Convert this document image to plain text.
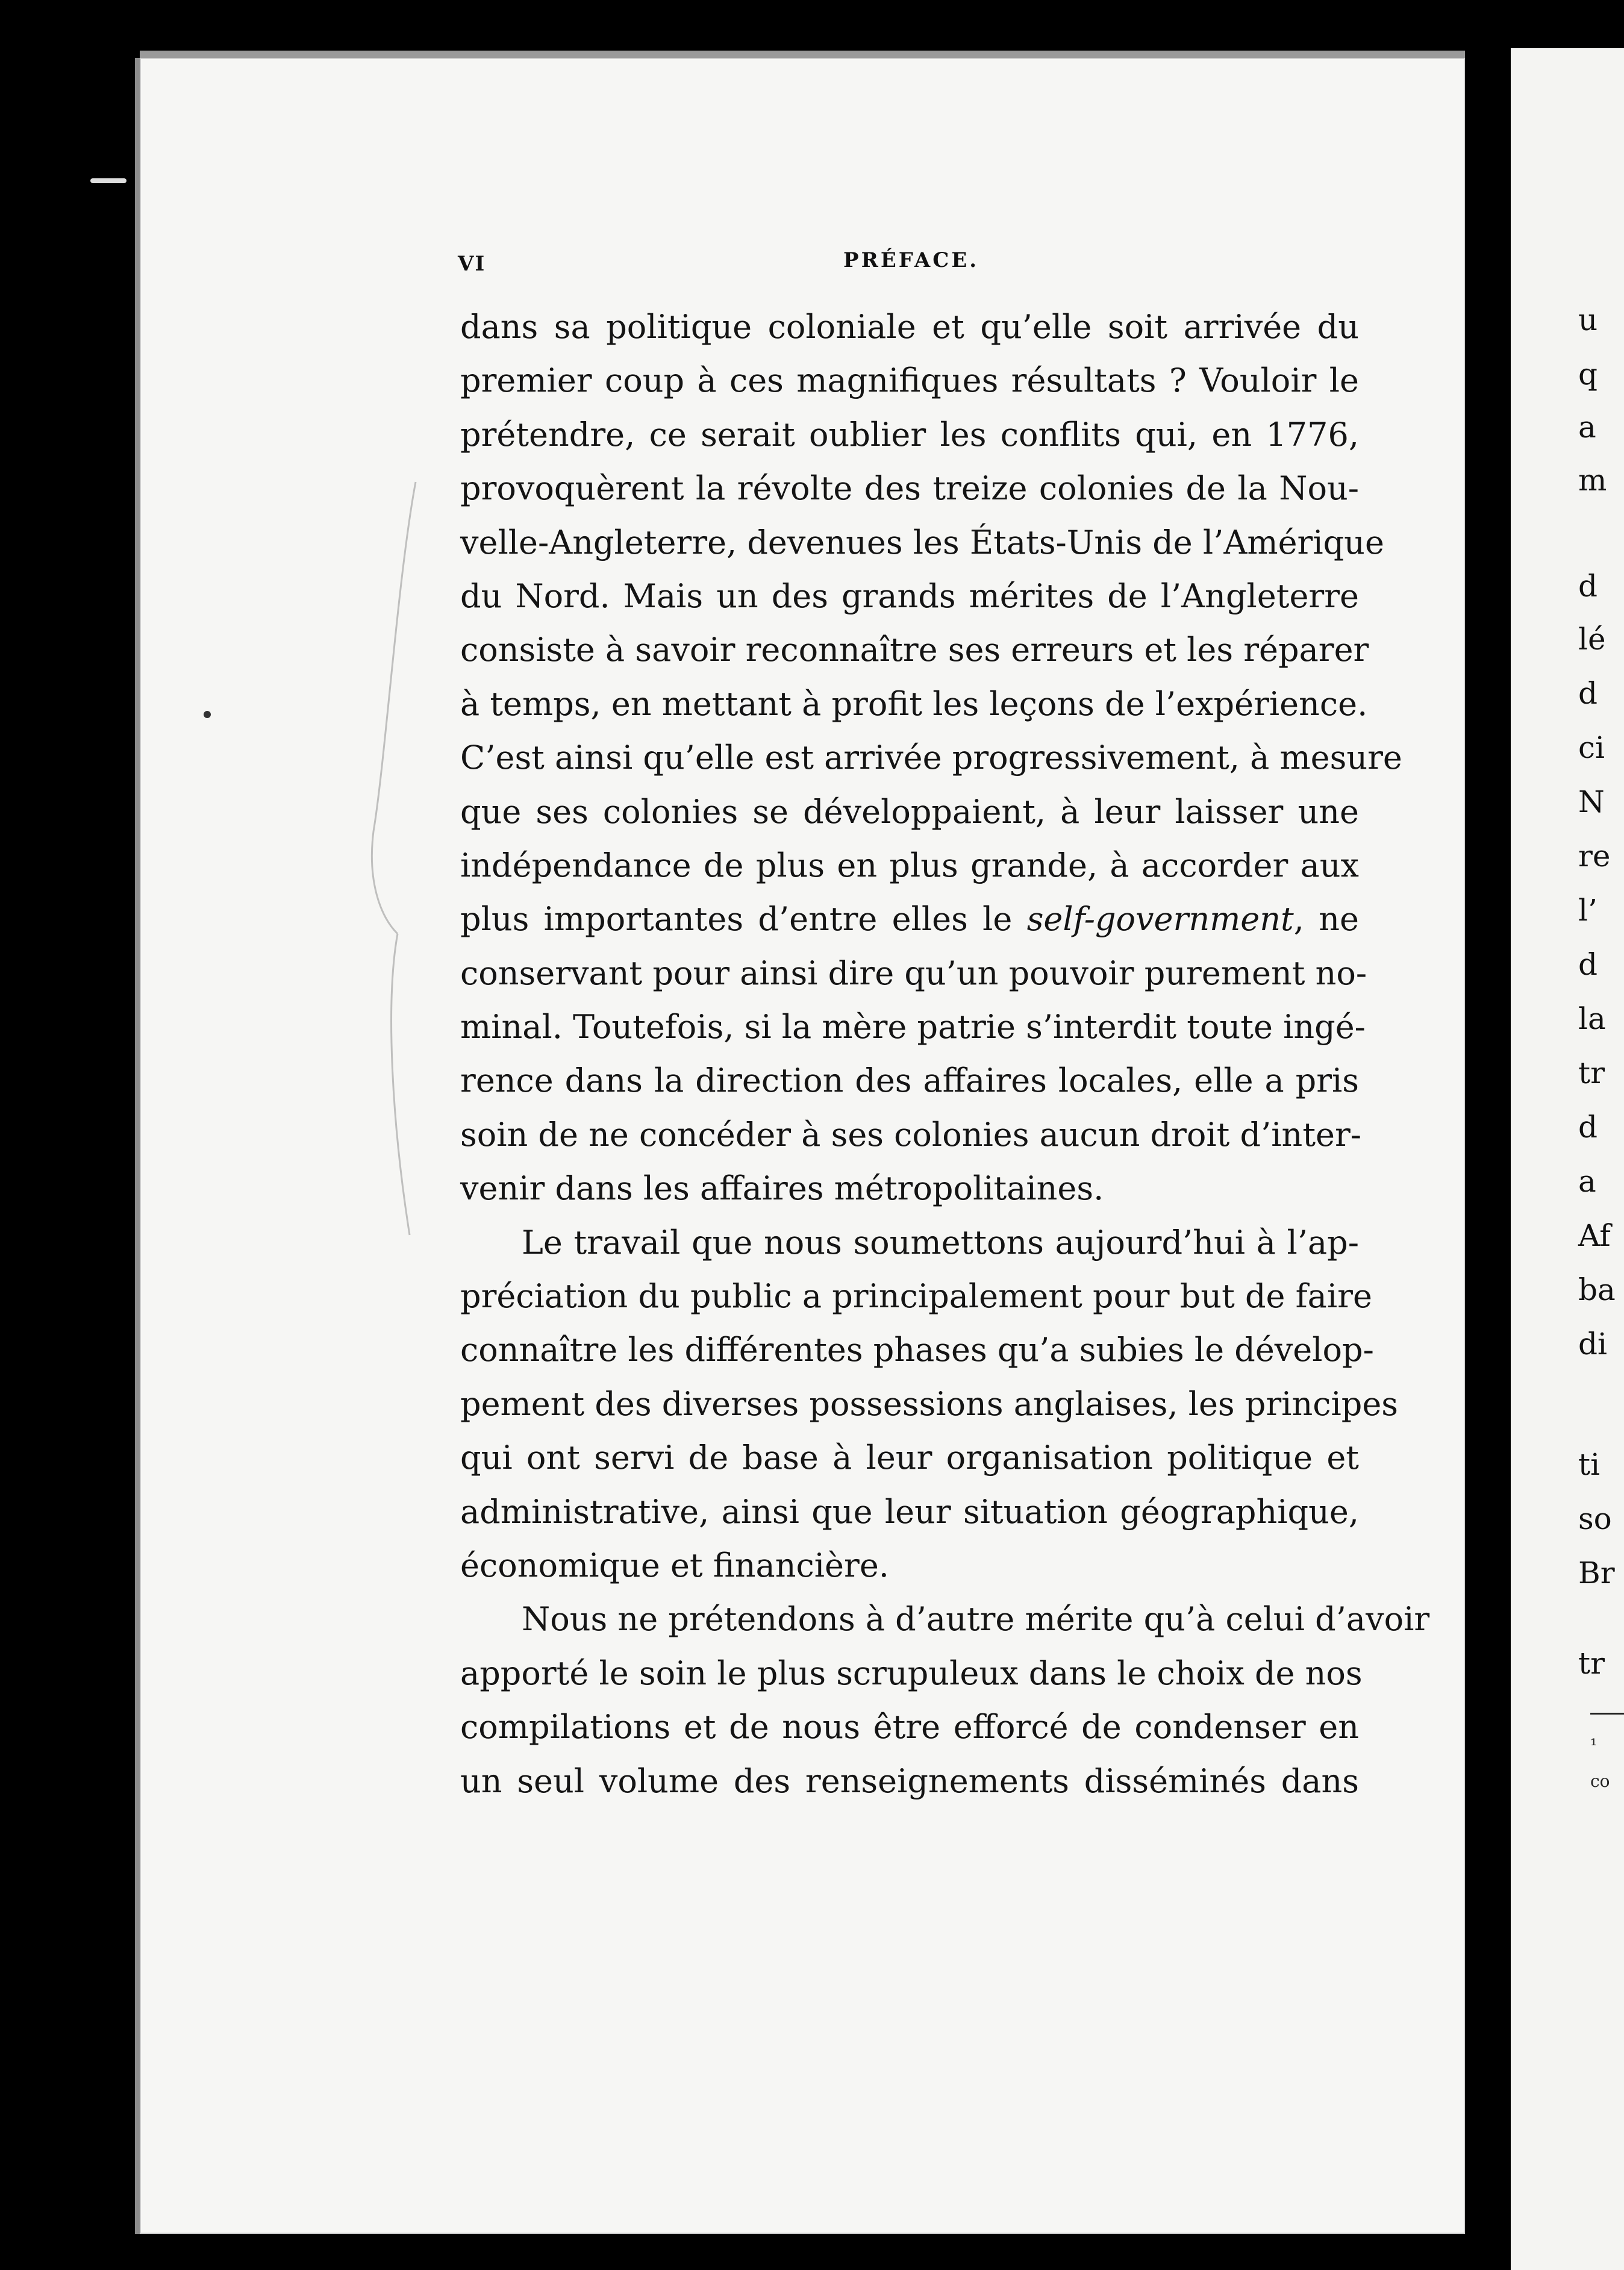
VI	PRÉFACE.
dans sa politique coloniale et qu’elle soit arrivée du
premier coup à ces magnifiques résultats ? Vouloir le
prétendre, ce serait oublier les conflits qui, en 1776,
provoquèrent la révolte des treize colonies de la Nou-
velle-Angleterre, devenues les États-Unis de l’Amérique
du Nord. Mais un des grands mérites de l’Angleterre
consiste à savoir reconnaître ses erreurs et les réparer
à temps, en mettant à profit les leçons de l’expérience.
C’est ainsi qu’elle est arrivée progressivement, à mesure
que ses colonies se développaient, à leur laisser une
indépendance de plus en plus grande, à accorder aux
plus importantes d’entre elles le self-government, ne
conservant pour ainsi dire qu’un pouvoir purement no-
minal. Toutefois, si la mère patrie s’interdit toute ingé-
rence dans la direction des affaires locales, elle a pris
soin de ne concéder à ses colonies aucun droit d’inter-
venir dans les affaires métropolitaines.
Le travail que nous soumettons aujourd’hui à l’ap-
préciation du public a principalement pour but de faire
connaître les différentes phases qu’a subies le dévelop-
pement des diverses possessions anglaises, les principes
qui ont servi de base à leur organisation politique et
administrative, ainsi que leur situation géographique,
économique et financière.
Nous ne prétendons à d’autre mérite qu’à celui d’avoir
apporté le soin le plus scrupuleux dans le choix de nos
compilations et de nous être efforcé de condenser en
un seul volume des renseignements disséminés dans
u
q
a
m
d
lé
d
ci
N
re
l’
d
la
tr
d
a
Af
ba
di
ti
so
Br
tr
¹
co
